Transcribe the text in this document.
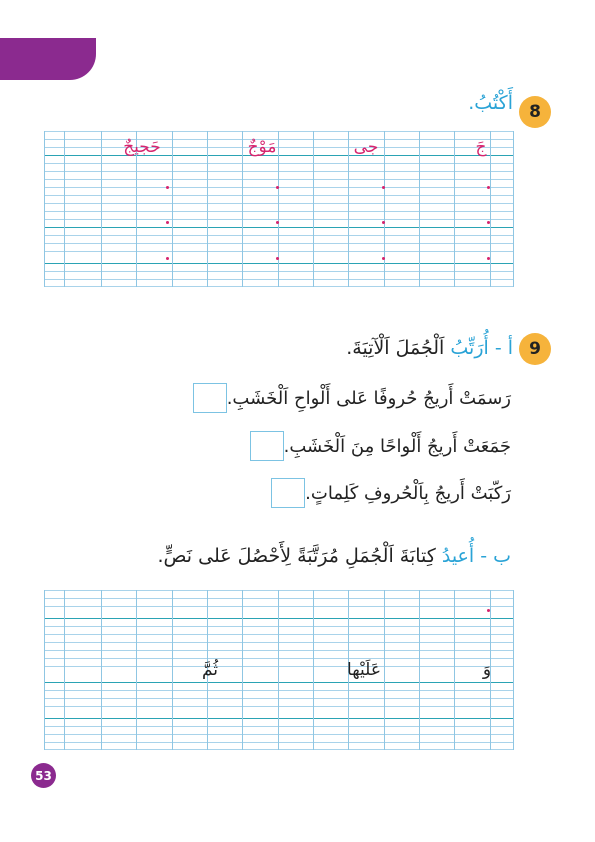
8
أَكْتُبُ.
جَ
جى
مَوْجٌ
حَجيجٌ
9
أ - أُرَتِّبُ اَلْجُمَلَ اَلْآتِيَةَ.
رَسمَتْ أَريجُ حُروفًا عَلى أَلْواحِ اَلْخَشَبِ.
جَمَعَتْ أَريجُ أَلْواحًا مِنَ اَلْخَشَبِ.
رَكّبَتْ أَريجُ بِاَلْحُروفِ كَلِماتٍ.
ب - أُعيدُ كِتابَةَ اَلْجُمَلِ مُرَتَّبَةً لِأَحْصُلَ عَلى نَصٍّ.
وَ
عَلَيْها
ثُمَّ
53
